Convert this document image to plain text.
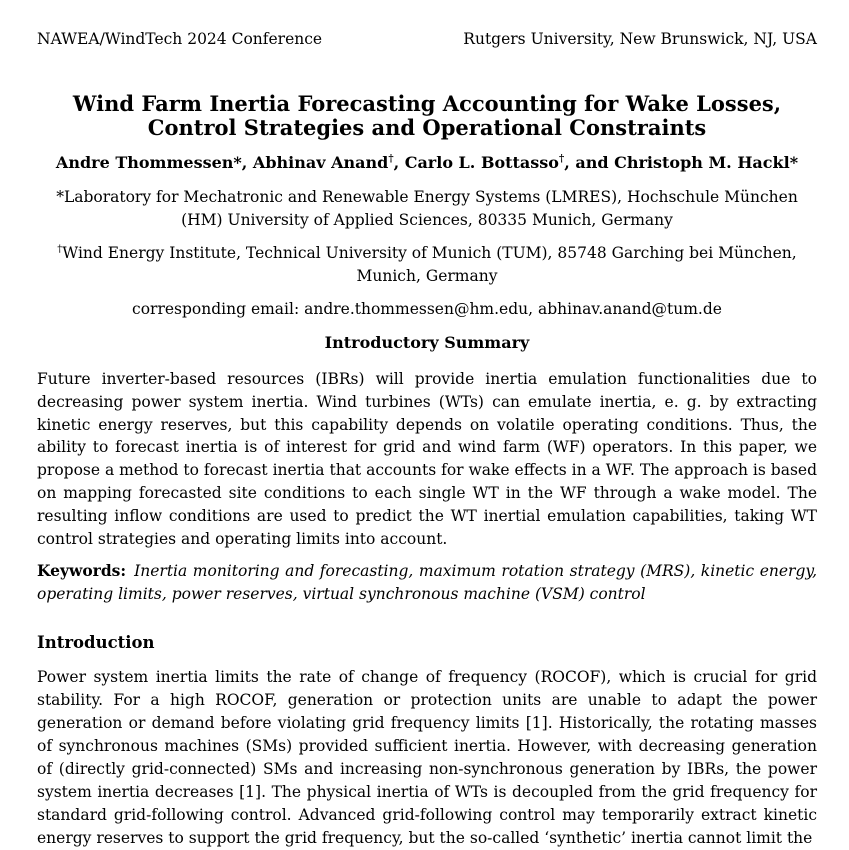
NAWEA/WindTech 2024 Conference	Rutgers University, New Brunswick, NJ, USA
Wind Farm Inertia Forecasting Accounting for Wake Losses,
Control Strategies and Operational Constraints
Andre Thommessen*, Abhinav Anand†, Carlo L. Bottasso†, and Christoph M. Hackl*
*Laboratory for Mechatronic and Renewable Energy Systems (LMRES), Hochschule München (HM) University of Applied Sciences, 80335 Munich, Germany
†Wind Energy Institute, Technical University of Munich (TUM), 85748 Garching bei München, Munich, Germany
corresponding email: andre.thommessen@hm.edu, abhinav.anand@tum.de
Introductory Summary
Future inverter-based resources (IBRs) will provide inertia emulation functionalities due to decreasing power system inertia. Wind turbines (WTs) can emulate inertia, e. g. by extracting kinetic energy reserves, but this capability depends on volatile operating conditions. Thus, the ability to forecast inertia is of interest for grid and wind farm (WF) operators. In this paper, we propose a method to forecast inertia that accounts for wake effects in a WF. The approach is based on mapping forecasted site conditions to each single WT in the WF through a wake model. The resulting inflow conditions are used to predict the WT inertial emulation capabilities, taking WT control strategies and operating limits into account.
Keywords: Inertia monitoring and forecasting, maximum rotation strategy (MRS), kinetic energy, operating limits, power reserves, virtual synchronous machine (VSM) control
Introduction
Power system inertia limits the rate of change of frequency (ROCOF), which is crucial for grid stability. For a high ROCOF, generation or protection units are unable to adapt the power generation or demand before violating grid frequency limits [1]. Historically, the rotating masses of synchronous machines (SMs) provided sufficient inertia. However, with decreasing generation of (directly grid-connected) SMs and increasing non-synchronous generation by IBRs, the power system inertia decreases [1]. The physical inertia of WTs is decoupled from the grid frequency for standard grid-following control. Advanced grid-following control may temporarily extract kinetic energy reserves to support the grid frequency, but the so-called ‘synthetic’ inertia cannot limit the
